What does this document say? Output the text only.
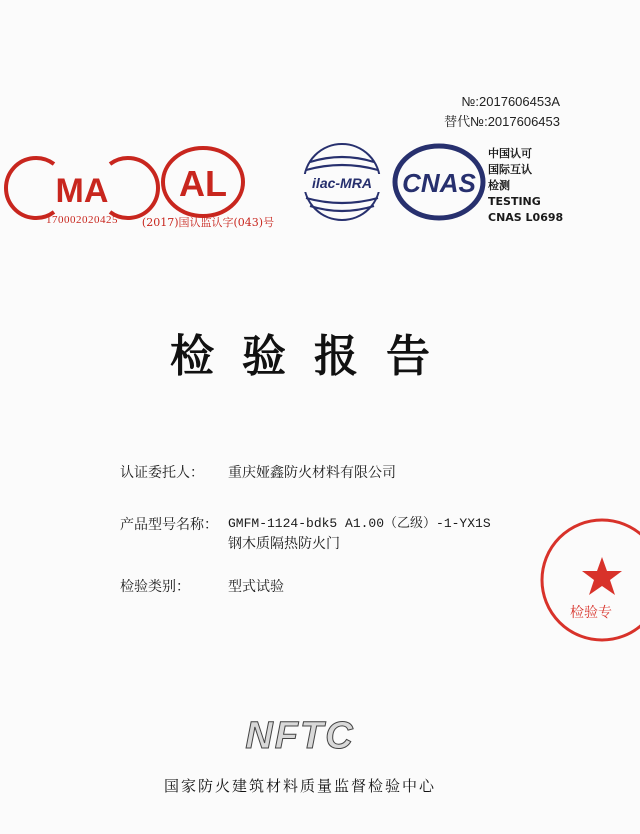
№:2017606453A
替代№:2017606453
MA
170002020425
AL
(2017)国认监认字(043)号
ilac-MRA CNAS
中国认可
国际互认
检测
TESTING
CNAS L0698
检验报告
认证委托人： 重庆娅鑫防火材料有限公司
产品型号名称： GMFM-1124-bdk5 A1.00（乙级）-1-YX1S
钢木质隔热防火门
检验类别：	型式试验
检验专
NFTC
国家防火建筑材料质量监督检验中心
